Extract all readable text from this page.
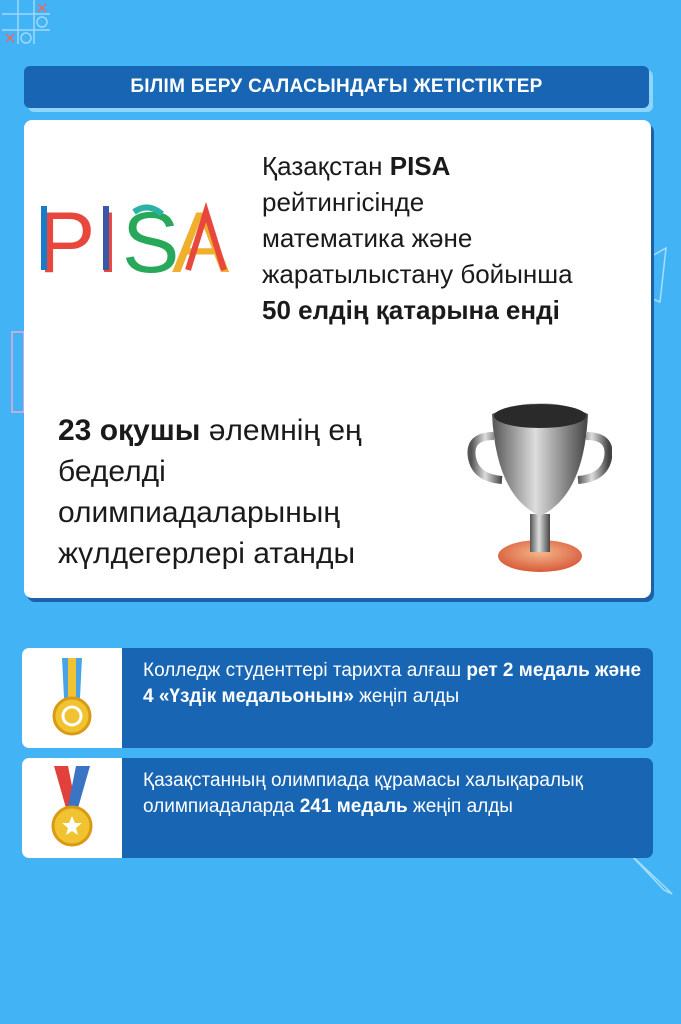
БІЛІМ БЕРУ САЛАСЫНДАҒЫ ЖЕТІСТІКТЕР
P I S
A
Қазақстан PISA
рейтингісінде
математика және
жаратылыстану бойынша
50 елдің қатарына енді
23 оқушы әлемнің ең
беделді
олимпиадаларының
жүлдегерлері атанды
Колледж студенттері тарихта алғаш рет 2 медаль және 4 «Үздік медальонын» жеңіп алды
Қазақстанның олимпиада құрамасы халықаралық олимпиадаларда 241 медаль жеңіп алды
